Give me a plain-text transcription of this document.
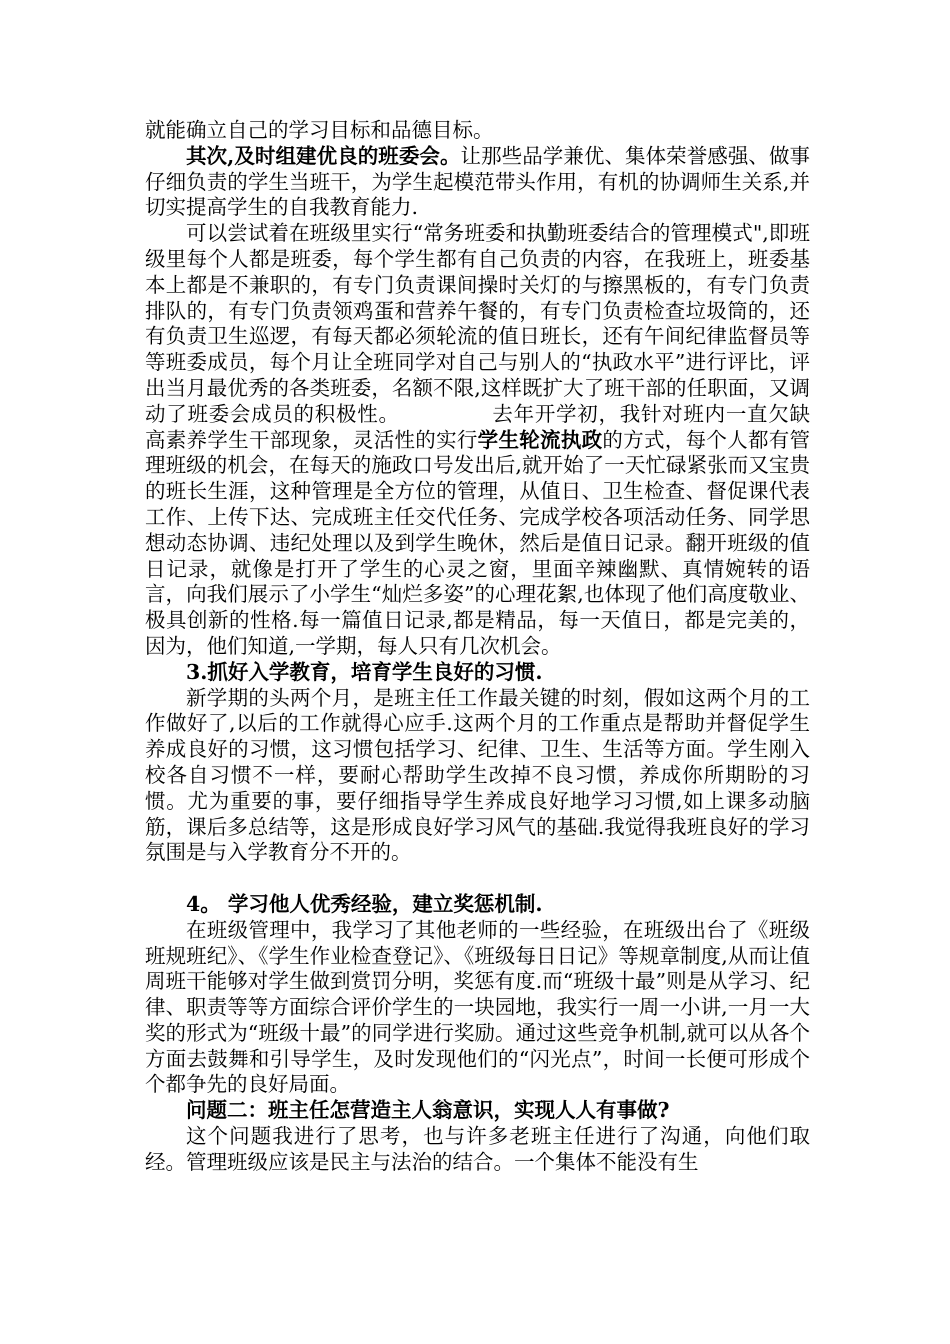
就能确立自己的学习目标和品德目标。

其次,及时组建优良的班委会。让那些品学兼优、集体荣誉感强、做事仔细负责的学生当班干，为学生起模范带头作用，有机的协调师生关系,并切实提高学生的自我教育能力.

可以尝试着在班级里实行“常务班委和执勤班委结合的管理模式",即班级里每个人都是班委，每个学生都有自己负责的内容，在我班上，班委基本上都是不兼职的，有专门负责课间操时关灯的与擦黑板的，有专门负责排队的，有专门负责领鸡蛋和营养午餐的，有专门负责检查垃圾筒的，还有负责卫生巡逻，有每天都必须轮流的值日班长，还有午间纪律监督员等等班委成员，每个月让全班同学对自己与别人的“执政水平”进行评比，评出当月最优秀的各类班委，名额不限,这样既扩大了班干部的任职面，又调动了班委会成员的积极性。	去年开学初，我针对班内一直欠缺高素养学生干部现象，灵活性的实行学生轮流执政的方式，每个人都有管理班级的机会，在每天的施政口号发出后,就开始了一天忙碌紧张而又宝贵的班长生涯，这种管理是全方位的管理，从值日、卫生检查、督促课代表工作、上传下达、完成班主任交代任务、完成学校各项活动任务、同学思想动态协调、违纪处理以及到学生晚休，然后是值日记录。翻开班级的值日记录，就像是打开了学生的心灵之窗，里面辛辣幽默、真情婉转的语言，向我们展示了小学生“灿烂多姿”的心理花絮,也体现了他们高度敬业、极具创新的性格.每一篇值日记录,都是精品，每一天值日，都是完美的，因为，他们知道,一学期，每人只有几次机会。

3.抓好入学教育，培育学生良好的习惯.

新学期的头两个月，是班主任工作最关键的时刻，假如这两个月的工作做好了,以后的工作就得心应手.这两个月的工作重点是帮助并督促学生养成良好的习惯，这习惯包括学习、纪律、卫生、生活等方面。学生刚入校各自习惯不一样，要耐心帮助学生改掉不良习惯，养成你所期盼的习惯。尤为重要的事，要仔细指导学生养成良好地学习习惯,如上课多动脑筋，课后多总结等，这是形成良好学习风气的基础.我觉得我班良好的学习氛围是与入学教育分不开的。

4。 学习他人优秀经验，建立奖惩机制.

在班级管理中，我学习了其他老师的一些经验，在班级出台了《班级班规班纪》、《学生作业检查登记》、《班级每日日记》等规章制度,从而让值周班干能够对学生做到赏罚分明，奖惩有度.而“班级十最”则是从学习、纪律、职责等等方面综合评价学生的一块园地，我实行一周一小讲,一月一大奖的形式为“班级十最”的同学进行奖励。通过这些竞争机制,就可以从各个方面去鼓舞和引导学生，及时发现他们的“闪光点”，时间一长便可形成个个都争先的良好局面。

问题二：班主任怎营造主人翁意识，实现人人有事做?

这个问题我进行了思考，也与许多老班主任进行了沟通，向他们取经。管理班级应该是民主与法治的结合。一个集体不能没有生
